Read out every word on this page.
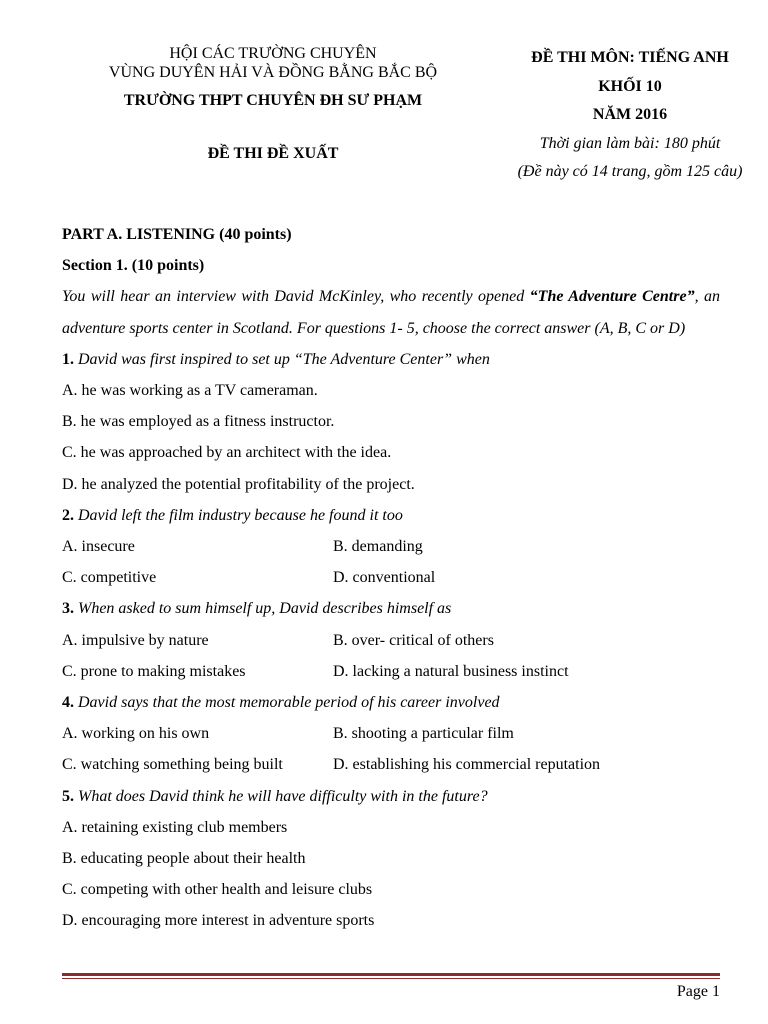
HỘI CÁC TRƯỜNG CHUYÊN
VÙNG DUYÊN HẢI VÀ ĐỒNG BẰNG BẮC BỘ
TRƯỜNG THPT CHUYÊN ĐH SƯ PHẠM
ĐỀ THI ĐỀ XUẤT
ĐỀ THI MÔN: TIẾNG ANH
KHỐI 10
NĂM 2016
Thời gian làm bài: 180 phút
(Đề này có 14 trang, gồm 125 câu)

PART A. LISTENING (40 points)

Section 1. (10 points)

You will hear an interview with David McKinley, who recently opened “The Adventure Centre”, an adventure sports center in Scotland. For questions 1- 5, choose the correct answer (A, B, C or D)

1. David was first inspired to set up “The Adventure Center” when

A. he was working as a TV cameraman.

B. he was employed as a fitness instructor.

C. he was approached by an architect with the idea.

D. he analyzed the potential profitability of the project.

2. David left the film industry because he found it too

A. insecure	B. demanding
C. competitive	D. conventional

3. When asked to sum himself up, David describes himself as

A. impulsive by nature	B. over- critical of others
C. prone to making mistakes	D. lacking a natural business instinct

4. David says that the most memorable period of his career involved

A. working on his own	B. shooting a particular film
C. watching something being built	D. establishing his commercial reputation

5. What does David think he will have difficulty with in the future?

A. retaining existing club members

B. educating people about their health

C. competing with other health and leisure clubs

D. encouraging more interest in adventure sports

Page 1
